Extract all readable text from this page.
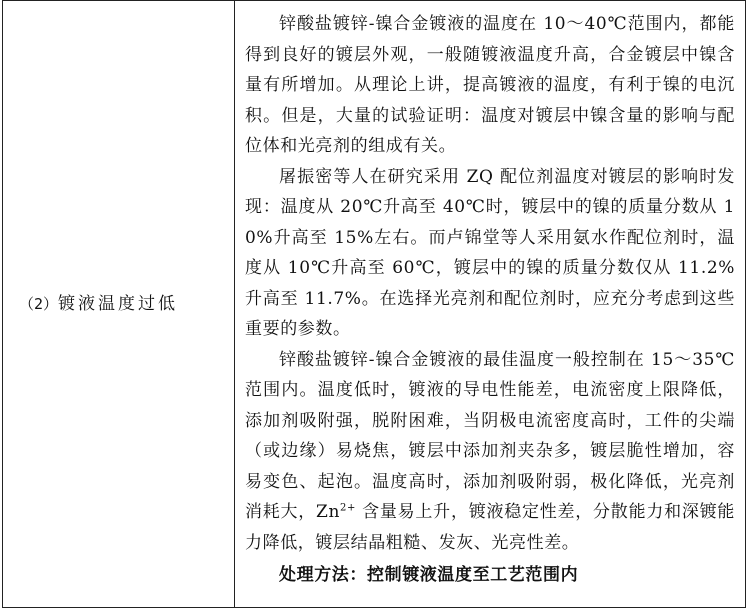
（2）镀液温度过低	

锌酸盐镀锌-镍合金镀液的温度在 10～40℃范围内，都能得到良好的镀层外观，一般随镀液温度升高，合金镀层中镍含量有所增加。从理论上讲，提高镀液的温度，有利于镍的电沉积。但是，大量的试验证明：温度对镀层中镍含量的影响与配位体和光亮剂的组成有关。

屠振密等人在研究采用 ZQ 配位剂温度对镀层的影响时发现：温度从 20℃升高至 40℃时，镀层中的镍的质量分数从 10%升高至 15%左右。而卢锦堂等人采用氨水作配位剂时，温度从 10℃升高至 60℃，镀层中的镍的质量分数仅从 11.2%升高至 11.7%。在选择光亮剂和配位剂时，应充分考虑到这些重要的参数。

锌酸盐镀锌-镍合金镀液的最佳温度一般控制在 15～35℃范围内。温度低时，镀液的导电性能差，电流密度上限降低，添加剂吸附强，脱附困难，当阴极电流密度高时，工件的尖端（或边缘）易烧焦，镀层中添加剂夹杂多，镀层脆性增加，容易变色、起泡。温度高时，添加剂吸附弱，极化降低，光亮剂消耗大，$Zn^{2+}$ 含量易上升，镀液稳定性差，分散能力和深镀能力降低，镀层结晶粗糙、发灰、光亮性差。

处理方法：控制镀液温度至工艺范围内
